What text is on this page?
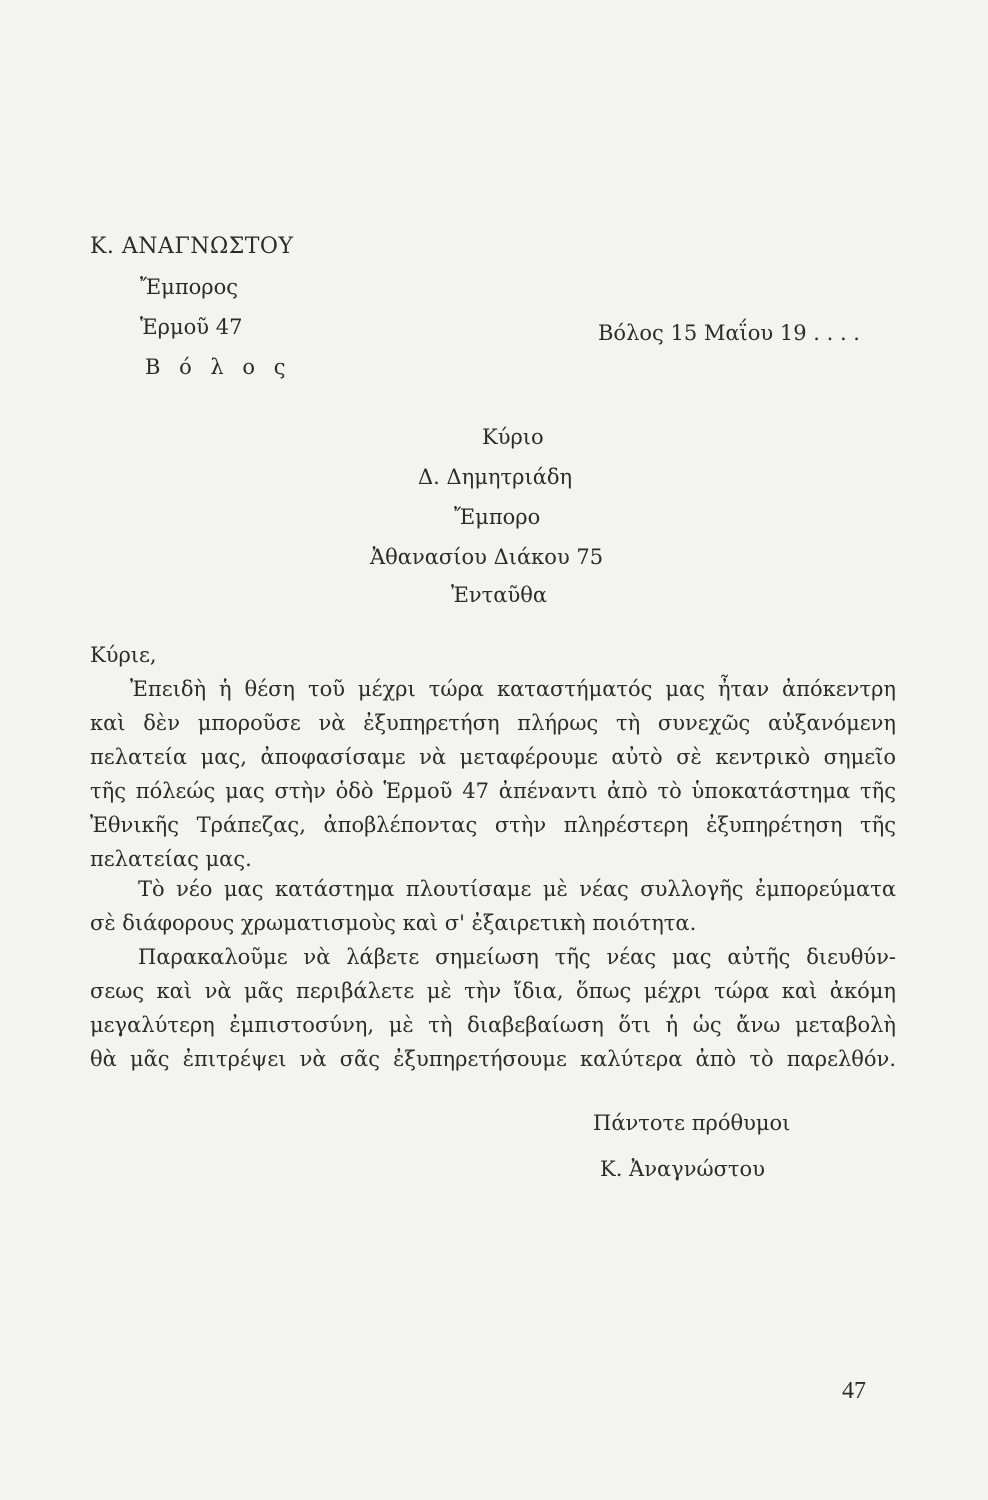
Κ. ΑΝΑΓΝΩΣΤΟΥ
Ἔμπορος
Ἑρμοῦ 47
Β ό λ ο ς
Βόλος 15 Μαΐου 19 . . . .
Κύριο
Δ. Δημητριάδη
Ἔμπορο
Ἀθανασίου Διάκου 75
Ἐνταῦθα
Κύριε,
Ἐπειδὴ ἡ θέση τοῦ μέχρι τώρα καταστήματός μας ἦταν ἀπόκεντρη
καὶ δὲν μποροῦσε νὰ ἐξυπηρετήση πλήρως τὴ συνεχῶς αὐξανόμενη
πελατεία μας, ἀποφασίσαμε νὰ μεταφέρουμε αὐτὸ σὲ κεντρικὸ σημεῖο
τῆς πόλεώς μας στὴν ὁδὸ Ἑρμοῦ 47 ἀπέναντι ἀπὸ τὸ ὑποκατάστημα τῆς
Ἐθνικῆς Τράπεζας, ἀποβλέποντας στὴν πληρέστερη ἐξυπηρέτηση τῆς
πελατείας μας.
Τὸ νέο μας κατάστημα πλουτίσαμε μὲ νέας συλλογῆς ἐμπορεύματα
σὲ διάφορους χρωματισμοὺς καὶ σ' ἐξαιρετικὴ ποιότητα.
Παρακαλοῦμε νὰ λάβετε σημείωση τῆς νέας μας αὐτῆς διευθύν-
σεως καὶ νὰ μᾶς περιβάλετε μὲ τὴν ἴδια, ὅπως μέχρι τώρα καὶ ἀκόμη
μεγαλύτερη ἐμπιστοσύνη, μὲ τὴ διαβεβαίωση ὅτι ἡ ὡς ἄνω μεταβολὴ
θὰ μᾶς ἐπιτρέψει νὰ σᾶς ἐξυπηρετήσουμε καλύτερα ἀπὸ τὸ παρελθόν.
Πάντοτε πρόθυμοι
Κ. Ἀναγνώστου
47
